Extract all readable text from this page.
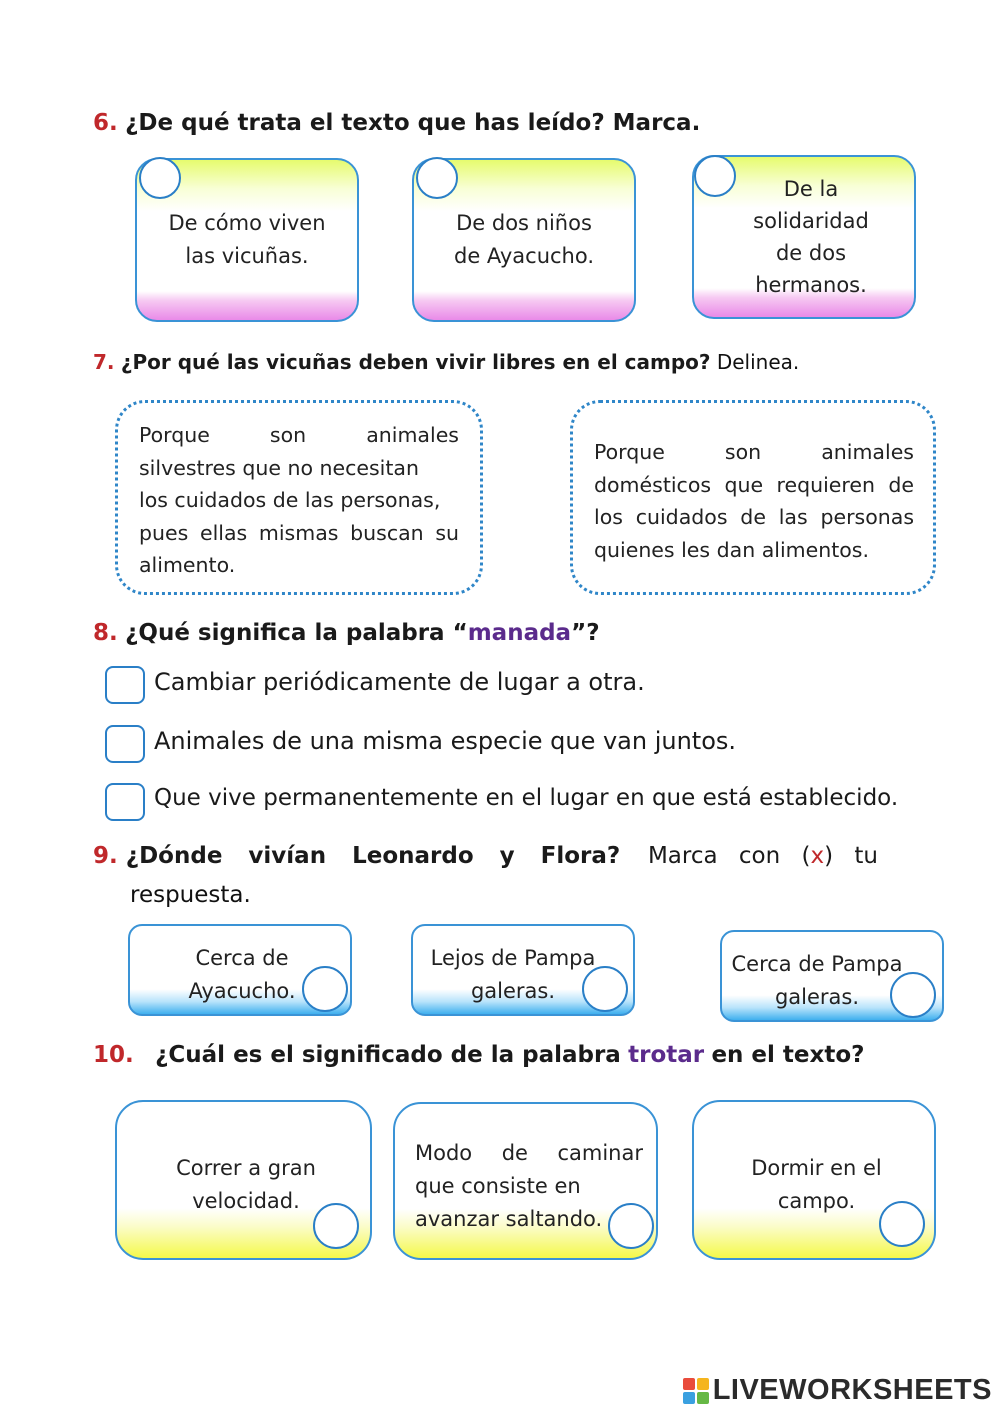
6. ¿De qué trata el texto que has leído? Marca.
De cómo viven
las vicuñas.
De dos niños
de Ayacucho.
De la
solidaridad
de dos
hermanos.
7. ¿Por qué las vicuñas deben vivir libres en el campo? Delinea.
Porque son animales
silvestres que no necesitan
los cuidados de las personas,
pues ellas mismas buscan su
alimento.
Porque son animales
domésticos que requieren de
los cuidados de las personas
quienes les dan alimentos.
8. ¿Qué significa la palabra “manada”?
Cambiar periódicamente de lugar a otra.
Animales de una misma especie que van juntos.
Que vive permanentemente en el lugar en que está establecido.
9. ¿Dónde vivían Leonardo y Flora? Marca con (x) tu
respuesta.
Cerca de
Ayacucho.
Lejos de Pampa
galeras.
Cerca de Pampa
galeras.
10. ¿Cuál es el significado de la palabra trotar en el texto?
Correr a gran
velocidad.
Modo de caminar
que consiste en
avanzar saltando.
Dormir en el
campo.
LIVEWORKSHEETS
